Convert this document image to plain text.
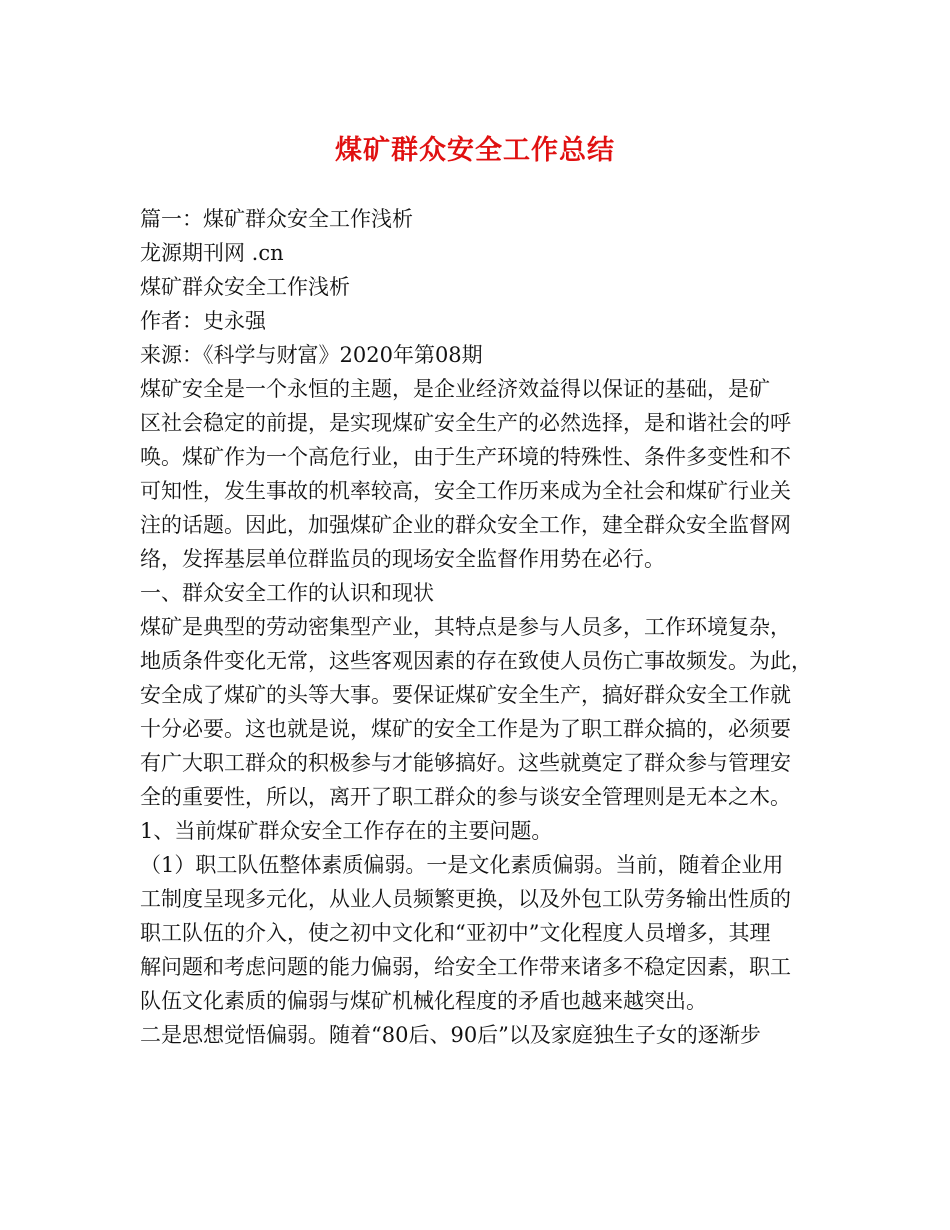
煤矿群众安全工作总结
篇一：煤矿群众安全工作浅析
龙源期刊网 .cn
煤矿群众安全工作浅析
作者：史永强
来源：《科学与财富》2020年第08期
煤矿安全是一个永恒的主题，是企业经济效益得以保证的基础，是矿
区社会稳定的前提，是实现煤矿安全生产的必然选择，是和谐社会的呼
唤。煤矿作为一个高危行业，由于生产环境的特殊性、条件多变性和不
可知性，发生事故的机率较高，安全工作历来成为全社会和煤矿行业关
注的话题。因此，加强煤矿企业的群众安全工作，建全群众安全监督网
络，发挥基层单位群监员的现场安全监督作用势在必行。
一、群众安全工作的认识和现状
煤矿是典型的劳动密集型产业，其特点是参与人员多，工作环境复杂，
地质条件变化无常，这些客观因素的存在致使人员伤亡事故频发。为此，
安全成了煤矿的头等大事。要保证煤矿安全生产，搞好群众安全工作就
十分必要。这也就是说，煤矿的安全工作是为了职工群众搞的，必须要
有广大职工群众的积极参与才能够搞好。这些就奠定了群众参与管理安
全的重要性，所以，离开了职工群众的参与谈安全管理则是无本之木。
1、当前煤矿群众安全工作存在的主要问题。
（1）职工队伍整体素质偏弱。一是文化素质偏弱。当前，随着企业用
工制度呈现多元化，从业人员频繁更换，以及外包工队劳务输出性质的
职工队伍的介入，使之初中文化和“亚初中”文化程度人员增多，其理
解问题和考虑问题的能力偏弱，给安全工作带来诸多不稳定因素，职工
队伍文化素质的偏弱与煤矿机械化程度的矛盾也越来越突出。
二是思想觉悟偏弱。随着“80后、90后”以及家庭独生子女的逐渐步
